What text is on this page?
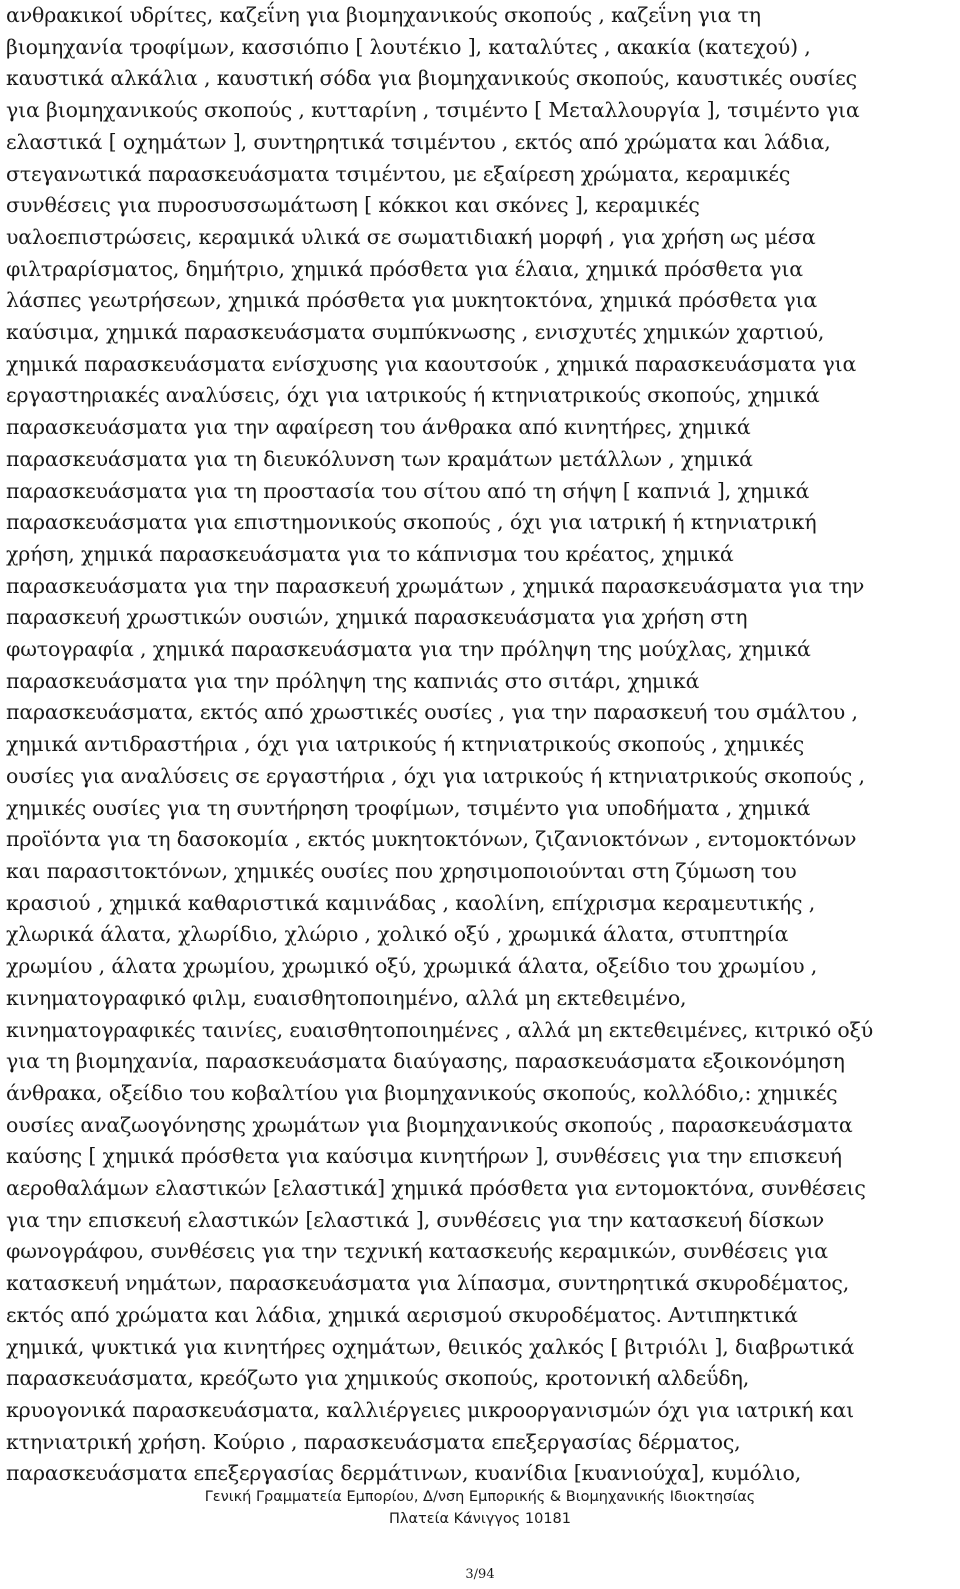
ανθρακικοί υδρίτες, καζεΐνη για βιομηχανικούς σκοπούς , καζεΐνη για τη
βιομηχανία τροφίμων, κασσιόπιο [ λουτέκιο ], καταλύτες , ακακία (κατεχού) ,
καυστικά αλκάλια , καυστική σόδα για βιομηχανικούς σκοπούς, καυστικές ουσίες
για βιομηχανικούς σκοπούς , κυτταρίνη , τσιμέντο [ Μεταλλουργία ], τσιμέντο για
ελαστικά [ οχημάτων ], συντηρητικά τσιμέντου , εκτός από χρώματα και λάδια,
στεγανωτικά παρασκευάσματα τσιμέντου, με εξαίρεση χρώματα, κεραμικές
συνθέσεις για πυροσυσσωμάτωση [ κόκκοι και σκόνες ], κεραμικές
υαλοεπιστρώσεις, κεραμικά υλικά σε σωματιδιακή μορφή , για χρήση ως μέσα
φιλτραρίσματος, δημήτριο, χημικά πρόσθετα για έλαια, χημικά πρόσθετα για
λάσπες γεωτρήσεων, χημικά πρόσθετα για μυκητοκτόνα, χημικά πρόσθετα για
καύσιμα, χημικά παρασκευάσματα συμπύκνωσης , ενισχυτές χημικών χαρτιού,
χημικά παρασκευάσματα ενίσχυσης για καουτσούκ , χημικά παρασκευάσματα για
εργαστηριακές αναλύσεις, όχι για ιατρικούς ή κτηνιατρικούς σκοπούς, χημικά
παρασκευάσματα για την αφαίρεση του άνθρακα από κινητήρες, χημικά
παρασκευάσματα για τη διευκόλυνση των κραμάτων μετάλλων , χημικά
παρασκευάσματα για τη προστασία του σίτου από τη σήψη [ καπνιά ], χημικά
παρασκευάσματα για επιστημονικούς σκοπούς , όχι για ιατρική ή κτηνιατρική
χρήση, χημικά παρασκευάσματα για το κάπνισμα του κρέατος, χημικά
παρασκευάσματα για την παρασκευή χρωμάτων , χημικά παρασκευάσματα για την
παρασκευή χρωστικών ουσιών, χημικά παρασκευάσματα για χρήση στη
φωτογραφία , χημικά παρασκευάσματα για την πρόληψη της μούχλας, χημικά
παρασκευάσματα για την πρόληψη της καπνιάς στο σιτάρι, χημικά
παρασκευάσματα, εκτός από χρωστικές ουσίες , για την παρασκευή του σμάλτου ,
χημικά αντιδραστήρια , όχι για ιατρικούς ή κτηνιατρικούς σκοπούς , χημικές
ουσίες για αναλύσεις σε εργαστήρια , όχι για ιατρικούς ή κτηνιατρικούς σκοπούς ,
χημικές ουσίες για τη συντήρηση τροφίμων, τσιμέντο για υποδήματα , χημικά
προϊόντα για τη δασοκομία , εκτός μυκητοκτόνων, ζιζανιοκτόνων , εντομοκτόνων
και παρασιτοκτόνων, χημικές ουσίες που χρησιμοποιούνται στη ζύμωση του
κρασιού , χημικά καθαριστικά καμινάδας , καολίνη, επίχρισμα κεραμευτικής ,
χλωρικά άλατα, χλωρίδιο, χλώριο , χολικό οξύ , χρωμικά άλατα, στυπτηρία
χρωμίου , άλατα χρωμίου, χρωμικό οξύ, χρωμικά άλατα, οξείδιο του χρωμίου ,
κινηματογραφικό φιλμ, ευαισθητοποιημένο, αλλά μη εκτεθειμένο,
κινηματογραφικές ταινίες, ευαισθητοποιημένες , αλλά μη εκτεθειμένες, κιτρικό οξύ
για τη βιομηχανία, παρασκευάσματα διαύγασης, παρασκευάσματα εξοικονόμηση
άνθρακα, οξείδιο του κοβαλτίου για βιομηχανικούς σκοπούς, κολλόδιο,: χημικές
ουσίες αναζωογόνησης χρωμάτων για βιομηχανικούς σκοπούς , παρασκευάσματα
καύσης [ χημικά πρόσθετα για καύσιμα κινητήρων ], συνθέσεις για την επισκευή
αεροθαλάμων ελαστικών [ελαστικά] χημικά πρόσθετα για εντομοκτόνα, συνθέσεις
για την επισκευή ελαστικών [ελαστικά ], συνθέσεις για την κατασκευή δίσκων
φωνογράφου, συνθέσεις για την τεχνική κατασκευής κεραμικών, συνθέσεις για
κατασκευή νημάτων, παρασκευάσματα για λίπασμα, συντηρητικά σκυροδέματος,
εκτός από χρώματα και λάδια, χημικά αερισμού σκυροδέματος. Αντιπηκτικά
χημικά, ψυκτικά για κινητήρες οχημάτων, θειικός χαλκός [ βιτριόλι ], διαβρωτικά
παρασκευάσματα, κρεόζωτο για χημικούς σκοπούς, κροτονική αλδεΰδη,
κρυογονικά παρασκευάσματα, καλλιέργειες μικροοργανισμών όχι για ιατρική και
κτηνιατρική χρήση. Κούριο , παρασκευάσματα επεξεργασίας δέρματος,
παρασκευάσματα επεξεργασίας δερμάτινων, κυανίδια [κυανιούχα], κυμόλιο,
Γενική Γραμματεία Εμπορίου, Δ/νση Εμπορικής & Βιομηχανικής Ιδιοκτησίας
Πλατεία Κάνιγγος 10181
3/94
